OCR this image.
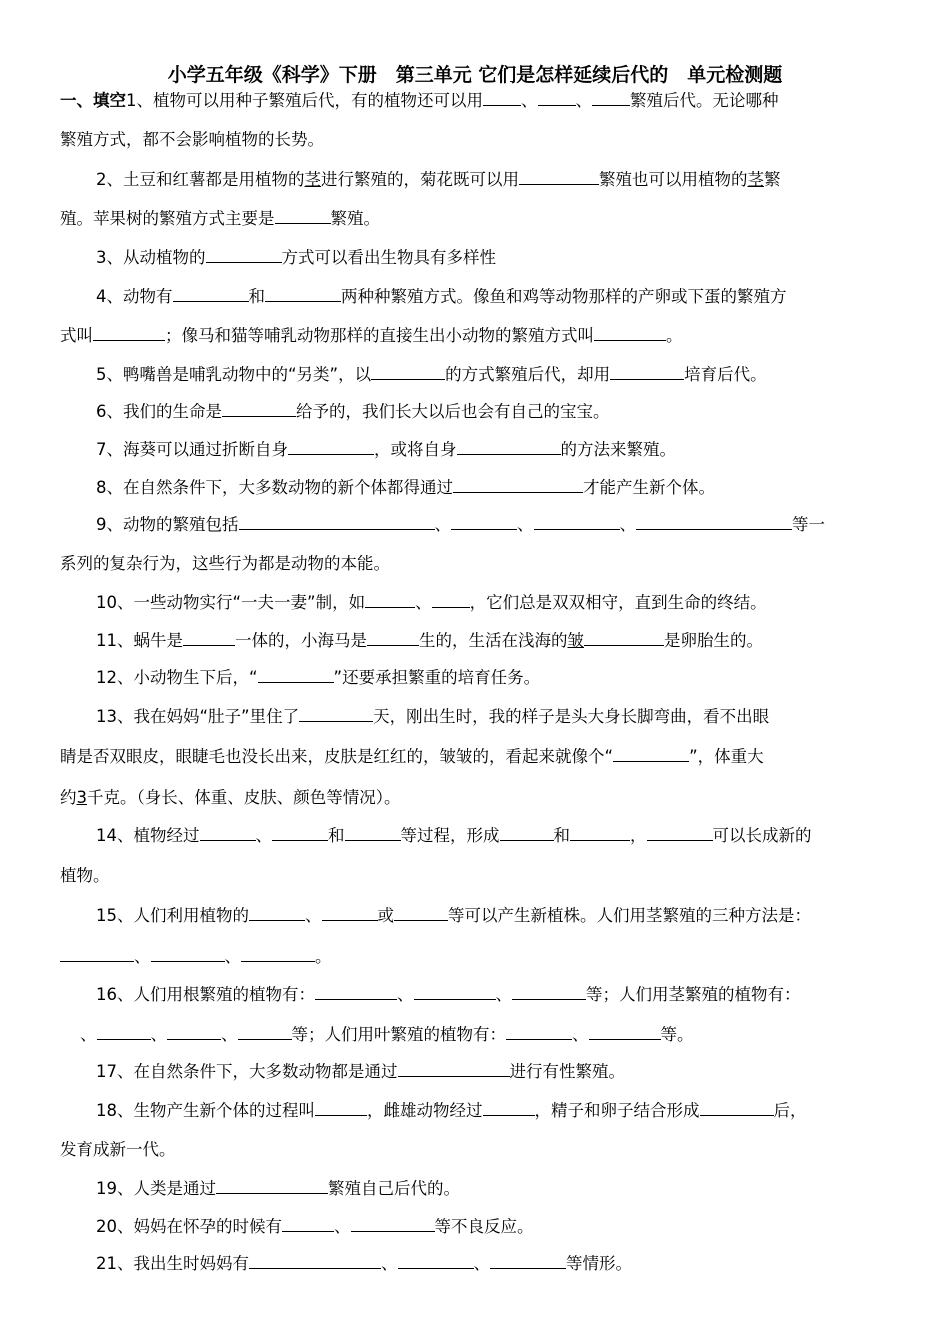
小学五年级《科学》下册　第三单元 它们是怎样延续后代的　单元检测题
一、填空1、植物可以用种子繁殖后代，有的植物还可以用 、 、 繁殖后代。无论哪种
繁殖方式，都不会影响植物的长势。
2、土豆和红薯都是用植物的茎进行繁殖的，菊花既可以用	繁殖也可以用植物的茎繁
殖。苹果树的繁殖方式主要是	繁殖。
3、从动植物的	方式可以看出生物具有多样性
4、动物有	和	两种种繁殖方式。像鱼和鸡等动物那样的产卵或下蛋的繁殖方
式叫	；像马和猫等哺乳动物那样的直接生出小动物的繁殖方式叫	。
5、鸭嘴兽是哺乳动物中的“另类”，以	的方式繁殖后代，却用	培育后代。
6、我们的生命是	给予的，我们长大以后也会有自己的宝宝。
7、海葵可以通过折断自身	，或将自身	的方法来繁殖。
8、在自然条件下，大多数动物的新个体都得通过	才能产生新个体。
9、动物的繁殖包括	、	、	、	等一
系列的复杂行为，这些行为都是动物的本能。
10、一些动物实行“一夫一妻”制，如	、 ，它们总是双双相守，直到生命的终结。
11、蜗牛是	一体的，小海马是	生的，生活在浅海的皱	是卵胎生的。
12、小动物生下后，“	”还要承担繁重的培育任务。
13、我在妈妈“肚子”里住了	天，刚出生时，我的样子是头大身长脚弯曲，看不出眼
睛是否双眼皮，眼睫毛也没长出来，皮肤是红红的，皱皱的，看起来就像个“	”，体重大
约3千克。（身长、体重、皮肤、颜色等情况）。
14、植物经过	、	和	等过程，形成	和	，	可以长成新的
植物。
15、人们利用植物的	、	或	等可以产生新植株。人们用茎繁殖的三种方法是：
、	、	。
16、人们用根繁殖的植物有：	、	、	等；人们用茎繁殖的植物有：
、	、	、	等；人们用叶繁殖的植物有：	、	等。
17、在自然条件下，大多数动物都是通过	进行有性繁殖。
18、生物产生新个体的过程叫	，雌雄动物经过	，精子和卵子结合形成	后，
发育成新一代。
19、人类是通过	繁殖自己后代的。
20、妈妈在怀孕的时候有	、	等不良反应。
21、我出生时妈妈有	、	、	等情形。
